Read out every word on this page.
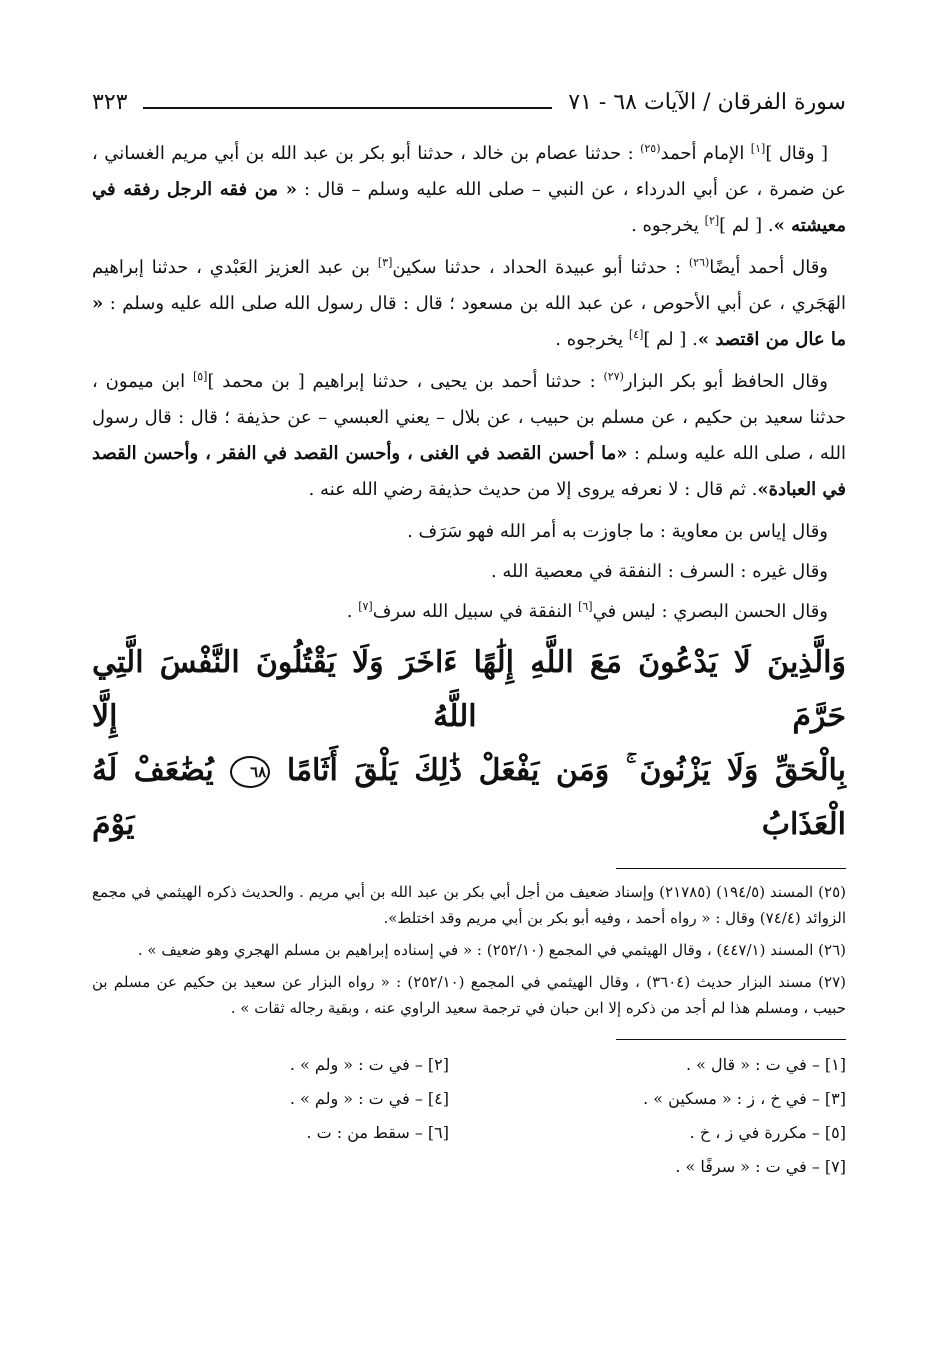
سورة الفرقان / الآيات ٦٨ - ٧١
٣٢٣

[ وقال ][١] الإمام أحمد$^{(٢٥)}$ : حدثنا عصام بن خالد ، حدثنا أبو بكر بن عبد الله بن أبي مريم الغساني ، عن ضمرة ، عن أبي الدرداء ، عن النبي – صلى الله عليه وسلم – قال : « من فقه الرجل رفقه في معيشته ». [ لم ][٢] يخرجوه .

وقال أحمد أيضًا$^{(٢٦)}$ : حدثنا أبو عبيدة الحداد ، حدثنا سكين[٣] بن عبد العزيز العَبْدي ، حدثنا إبراهيم الهَجَري ، عن أبي الأحوص ، عن عبد الله بن مسعود ؛ قال : قال رسول الله صلى الله عليه وسلم : « ما عال من اقتصد ». [ لم ][٤] يخرجوه .

وقال الحافظ أبو بكر البزار$^{(٢٧)}$ : حدثنا أحمد بن يحيى ، حدثنا إبراهيم [ بن محمد ][٥] ابن ميمون ، حدثنا سعيد بن حكيم ، عن مسلم بن حبيب ، عن بلال – يعني العبسي – عن حذيفة ؛ قال : قال رسول الله ، صلى الله عليه وسلم : «ما أحسن القصد في الغنى ، وأحسن القصد في الفقر ، وأحسن القصد في العبادة». ثم قال : لا نعرفه يروى إلا من حديث حذيفة رضي الله عنه .

وقال إياس بن معاوية : ما جاوزت به أمر الله فهو سَرَف .

وقال غيره : السرف : النفقة في معصية الله .

وقال الحسن البصري : ليس في[٦] النفقة في سبيل الله سرف[٧] .

وَالَّذِينَ لَا يَدْعُونَ مَعَ اللَّهِ إِلَٰهًا ءَاخَرَ وَلَا يَقْتُلُونَ النَّفْسَ الَّتِي حَرَّمَ اللَّهُ إِلَّا
بِالْحَقِّ وَلَا يَزْنُونَ ۚ وَمَن يَفْعَلْ ذَٰلِكَ يَلْقَ أَثَامًا ٦٨ يُضَٰعَفْ لَهُ الْعَذَابُ يَوْمَ

(٢٥) المسند (١٩٤/٥) (٢١٧٨٥) وإسناد ضعيف من أجل أبي بكر بن عبد الله بن أبي مريم . والحديث ذكره الهيثمي في مجمع الزوائد (٧٤/٤) وقال : « رواه أحمد ، وفيه أبو بكر بن أبي مريم وقد اختلط».

(٢٦) المسند (٤٤٧/١) ، وقال الهيثمي في المجمع (٢٥٢/١٠) : « في إسناده إبراهيم بن مسلم الهجري وهو ضعيف » .

(٢٧) مسند البزار حديث (٣٦٠٤) ، وقال الهيثمي في المجمع (٢٥٢/١٠) : « رواه البزار عن سعيد بن حكيم عن مسلم بن حبيب ، ومسلم هذا لم أجد من ذكره إلا ابن حبان في ترجمة سعيد الراوي عنه ، وبقية رجاله ثقات » .

[١] – في ت : « قال » .
[٢] – في ت : « ولم » .
[٣] – في خ ، ز : « مسكين » .
[٤] – في ت : « ولم » .
[٥] – مكررة في ز ، خ .
[٦] – سقط من : ت .
[٧] – في ت : « سرفًا » .
